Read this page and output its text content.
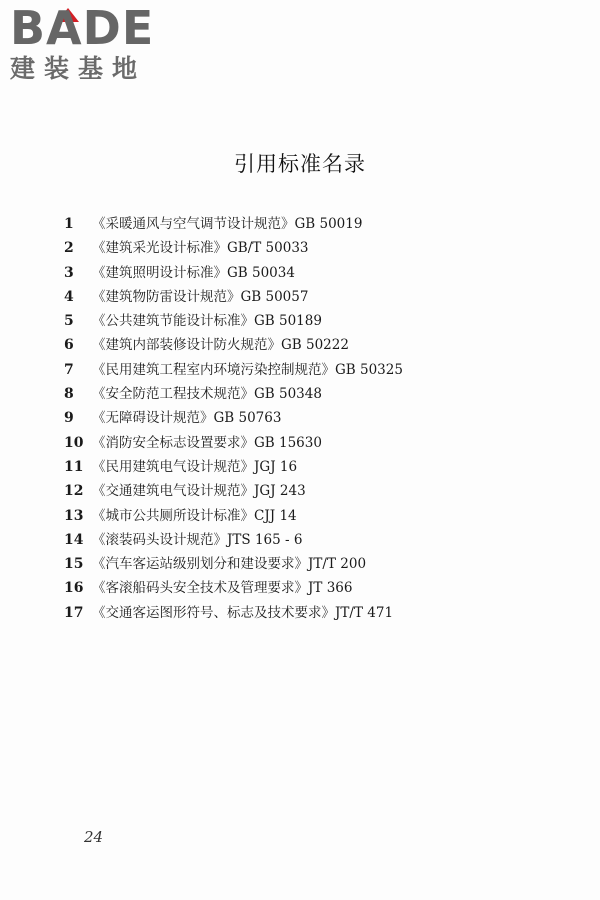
BADE
建装基地
引用标准名录
1 《采暖通风与空气调节设计规范》GB 50019
2 《建筑采光设计标准》GB/T 50033
3 《建筑照明设计标准》GB 50034
4 《建筑物防雷设计规范》GB 50057
5 《公共建筑节能设计标准》GB 50189
6 《建筑内部装修设计防火规范》GB 50222
7 《民用建筑工程室内环境污染控制规范》GB 50325
8 《安全防范工程技术规范》GB 50348
9 《无障碍设计规范》GB 50763
10 《消防安全标志设置要求》GB 15630
11 《民用建筑电气设计规范》JGJ 16
12 《交通建筑电气设计规范》JGJ 243
13 《城市公共厕所设计标准》CJJ 14
14 《滚装码头设计规范》JTS 165 - 6
15 《汽车客运站级别划分和建设要求》JT/T 200
16 《客滚船码头安全技术及管理要求》JT 366
17 《交通客运图形符号、标志及技术要求》JT/T 471
24
